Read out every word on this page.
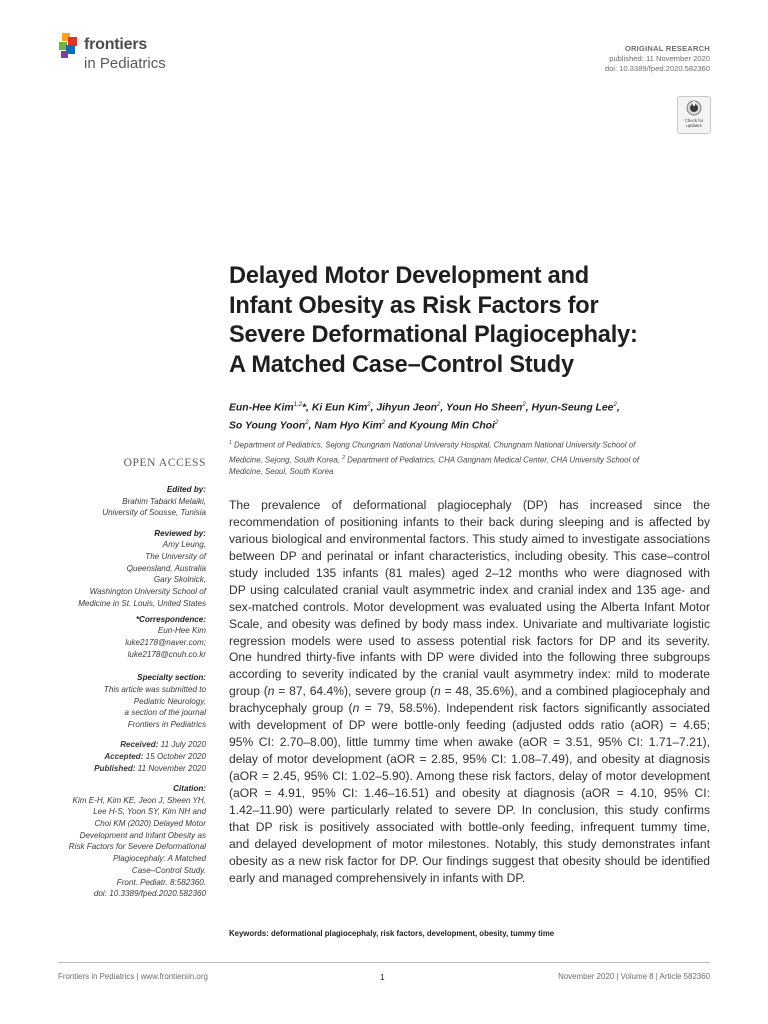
frontiers
in Pediatrics
ORIGINAL RESEARCH
published: 11 November 2020
doi: 10.3389/fped.2020.582360
Check for
updates
Delayed Motor Development and
Infant Obesity as Risk Factors for
Severe Deformational Plagiocephaly:
A Matched Case–Control Study
Eun-Hee Kim$^{1,2}$*, Ki Eun Kim$^2$, Jihyun Jeon$^2$, Youn Ho Sheen$^2$, Hyun-Seung Lee$^2$,
So Young Yoon$^2$, Nam Hyo Kim$^2$ and Kyoung Min Choi$^2$
$^1$ Department of Pediatrics, Sejong Chungnam National University Hospital, Chungnam National University School of
Medicine, Sejong, South Korea, $^2$ Department of Pediatrics, CHA Gangnam Medical Center, CHA University School of
Medicine, Seoul, South Korea
OPEN ACCESS
Edited by:
Brahim Tabarki Melaiki,
University of Sousse, Tunisia
Reviewed by:
Amy Leung,
The University of
Queensland, Australia
Gary Skolnick,
Washington University School of
Medicine in St. Louis, United States
*Correspondence:
Eun-Hee Kim
luke2178@naver.com;
luke2178@cnuh.co.kr
Specialty section:
This article was submitted to
Pediatric Neurology,
a section of the journal
Frontiers in Pediatrics
Received: 11 July 2020
Accepted: 15 October 2020
Published: 11 November 2020
Citation:
Kim E-H, Kim KE, Jeon J, Sheen YH,
Lee H-S, Yoon SY, Kim NH and
Choi KM (2020) Delayed Motor
Development and Infant Obesity as
Risk Factors for Severe Deformational
Plagiocephaly: A Matched
Case–Control Study.
Front. Pediatr. 8:582360.
doi: 10.3389/fped.2020.582360
The prevalence of deformational plagiocephaly (DP) has increased since the
recommendation of positioning infants to their back during sleeping and is affected by
various biological and environmental factors. This study aimed to investigate associations
between DP and perinatal or infant characteristics, including obesity. This case–control
study included 135 infants (81 males) aged 2–12 months who were diagnosed with
DP using calculated cranial vault asymmetric index and cranial index and 135 age- and
sex-matched controls. Motor development was evaluated using the Alberta Infant Motor
Scale, and obesity was defined by body mass index. Univariate and multivariate logistic
regression models were used to assess potential risk factors for DP and its severity.
One hundred thirty-five infants with DP were divided into the following three subgroups
according to severity indicated by the cranial vault asymmetry index: mild to moderate
group (n = 87, 64.4%), severe group (n = 48, 35.6%), and a combined plagiocephaly and
brachycephaly group (n = 79, 58.5%). Independent risk factors significantly associated
with development of DP were bottle-only feeding (adjusted odds ratio (aOR) = 4.65;
95% CI: 2.70–8.00), little tummy time when awake (aOR = 3.51, 95% CI: 1.71–7.21),
delay of motor development (aOR = 2.85, 95% CI: 1.08–7.49), and obesity at diagnosis
(aOR = 2.45, 95% CI: 1.02–5.90). Among these risk factors, delay of motor development
(aOR = 4.91, 95% CI: 1.46–16.51) and obesity at diagnosis (aOR = 4.10, 95% CI:
1.42–11.90) were particularly related to severe DP. In conclusion, this study confirms
that DP risk is positively associated with bottle-only feeding, infrequent tummy time,
and delayed development of motor milestones. Notably, this study demonstrates infant
obesity as a new risk factor for DP. Our findings suggest that obesity should be identified
early and managed comprehensively in infants with DP.
Keywords: deformational plagiocephaly, risk factors, development, obesity, tummy time
Frontiers in Pediatrics | www.frontiersin.org	1	November 2020 | Volume 8 | Article 582360
